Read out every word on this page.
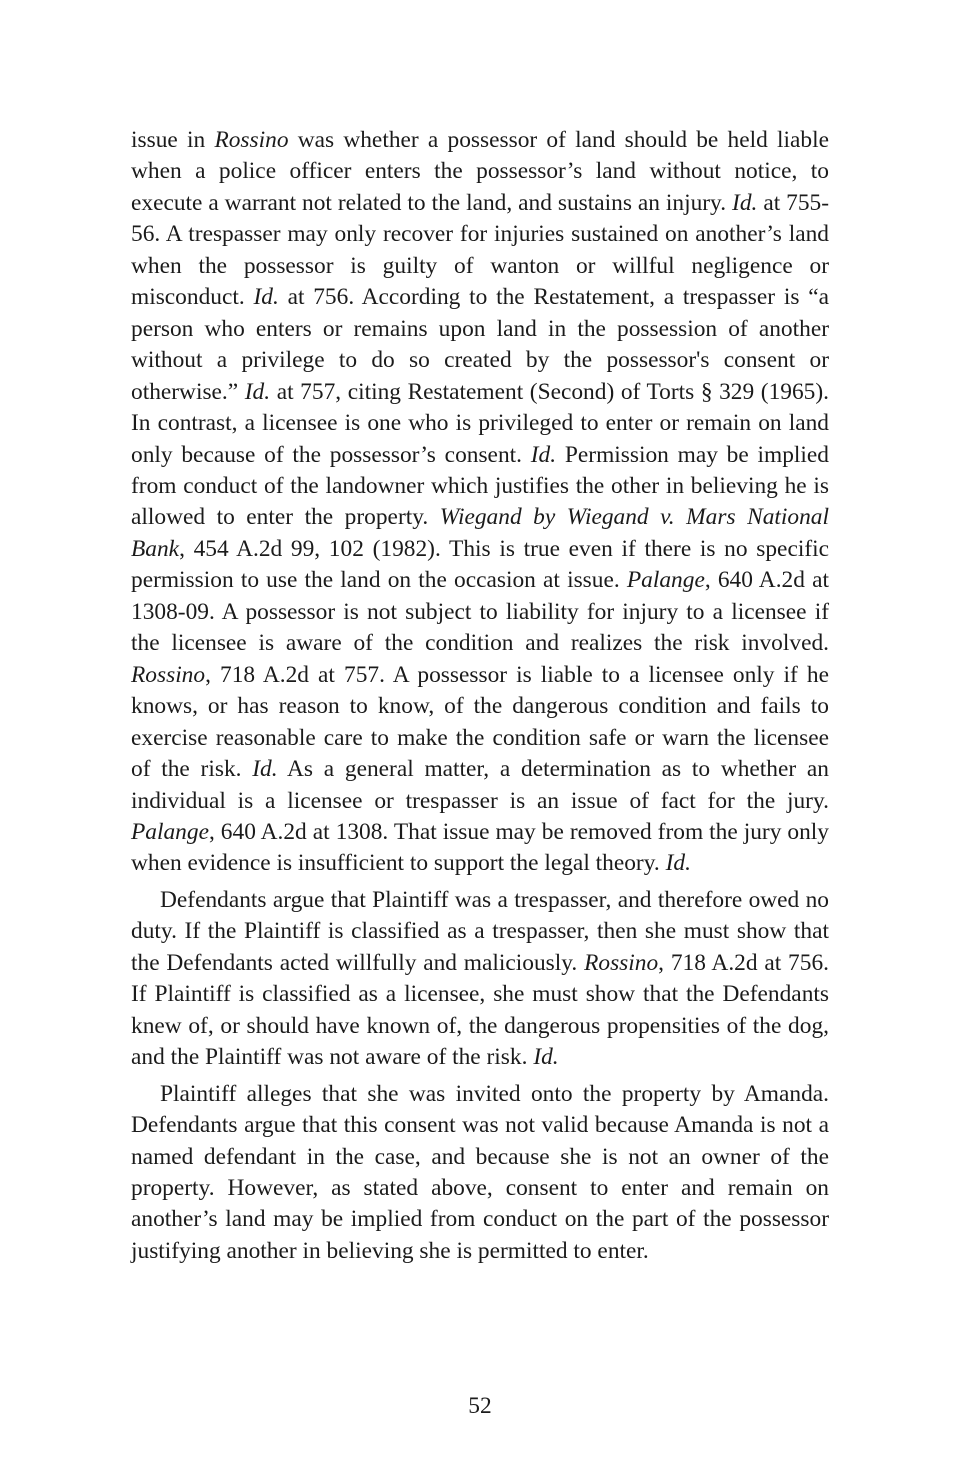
issue in Rossino was whether a possessor of land should be held liable when a police officer enters the possessor’s land without notice, to execute a warrant not related to the land, and sustains an injury. Id. at 755-56. A trespasser may only recover for injuries sustained on another’s land when the possessor is guilty of wanton or willful negligence or misconduct. Id. at 756. According to the Restatement, a trespasser is “a person who enters or remains upon land in the possession of another without a privilege to do so created by the possessor's consent or otherwise.” Id. at 757, citing Restatement (Second) of Torts § 329 (1965). In contrast, a licensee is one who is privileged to enter or remain on land only because of the possessor’s consent. Id. Permission may be implied from conduct of the landowner which justifies the other in believing he is allowed to enter the property. Wiegand by Wiegand v. Mars National Bank, 454 A.2d 99, 102 (1982). This is true even if there is no specific permission to use the land on the occasion at issue. Palange, 640 A.2d at 1308-09. A possessor is not subject to liability for injury to a licensee if the licensee is aware of the condition and realizes the risk involved. Rossino, 718 A.2d at 757. A possessor is liable to a licensee only if he knows, or has reason to know, of the dangerous condition and fails to exercise reasonable care to make the condition safe or warn the licensee of the risk. Id. As a general matter, a determination as to whether an individual is a licensee or trespasser is an issue of fact for the jury. Palange, 640 A.2d at 1308. That issue may be removed from the jury only when evidence is insufficient to support the legal theory. Id.

Defendants argue that Plaintiff was a trespasser, and therefore owed no duty. If the Plaintiff is classified as a trespasser, then she must show that the Defendants acted willfully and maliciously. Rossino, 718 A.2d at 756. If Plaintiff is classified as a licensee, she must show that the Defendants knew of, or should have known of, the dangerous propensities of the dog, and the Plaintiff was not aware of the risk. Id.

Plaintiff alleges that she was invited onto the property by Amanda. Defendants argue that this consent was not valid because Amanda is not a named defendant in the case, and because she is not an owner of the property. However, as stated above, consent to enter and remain on another’s land may be implied from conduct on the part of the possessor justifying another in believing she is permitted to enter.

52
